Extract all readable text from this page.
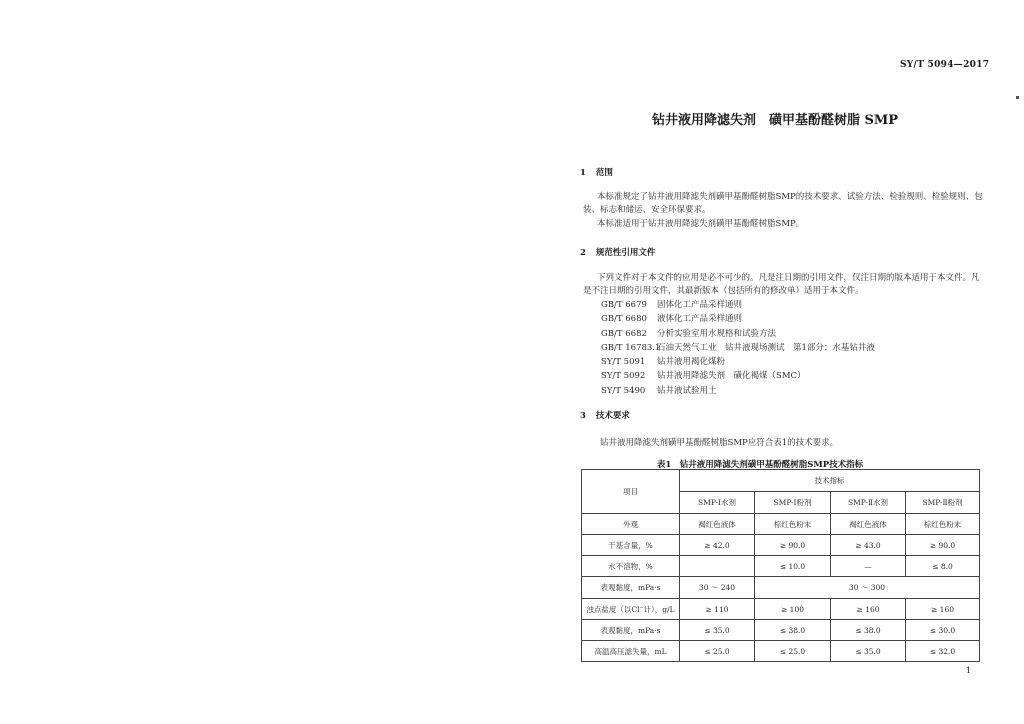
SY/T 5094—2017
钻井液用降滤失剂　磺甲基酚醛树脂 SMP
1 范围
本标准规定了钻井液用降滤失剂磺甲基酚醛树脂SMP的技术要求、试验方法、检验规则、检验规则、包装、标志和储运、安全环保要求。
本标准适用于钻井液用降滤失剂磺甲基酚醛树脂SMP。
2 规范性引用文件
下列文件对于本文件的应用是必不可少的。凡是注日期的引用文件，仅注日期的版本适用于本文件。凡是不注日期的引用文件，其最新版本（包括所有的修改单）适用于本文件。
GB/T 6679 固体化工产品采样通则
GB/T 6680 液体化工产品采样通则
GB/T 6682 分析实验室用水规格和试验方法
GB/T 16783.1石油天然气工业　钻井液现场测试　第1部分：水基钻井液
SY/T 5091 钻井液用褐化煤粉
SY/T 5092 钻井液用降滤失剂　磺化褐煤（SMC）
SY/T 5490 钻井液试验用土
3 技术要求
钻井液用降滤失剂磺甲基酚醛树脂SMP应符合表1的技术要求。
表1　钻井液用降滤失剂磺甲基酚醛树脂SMP技术指标
项目	技术指标			
	SMP-Ⅰ水剂	SMP-Ⅰ粉剂	SMP-Ⅱ水剂	SMP-Ⅱ粉剂
外观	褐红色液体	棕红色粉末	褐红色液体	棕红色粉末
干基含量，%	≥ 42.0	≥ 90.0	≥ 43.0	≥ 90.0
水不溶物，%		≤ 10.0	—	≤ 8.0
表观黏度，mPa·s	30 ～ 240	30 ～ 300		
浊点盐度（以Cl⁻计），g/L	≥ 110	≥ 100	≥ 160	≥ 160
表观黏度，mPa·s	≤ 35.0	≤ 38.0	≤ 38.0	≤ 30.0
高温高压滤失量，mL	≤ 25.0	≤ 25.0	≤ 35.0	≤ 32.0
1
